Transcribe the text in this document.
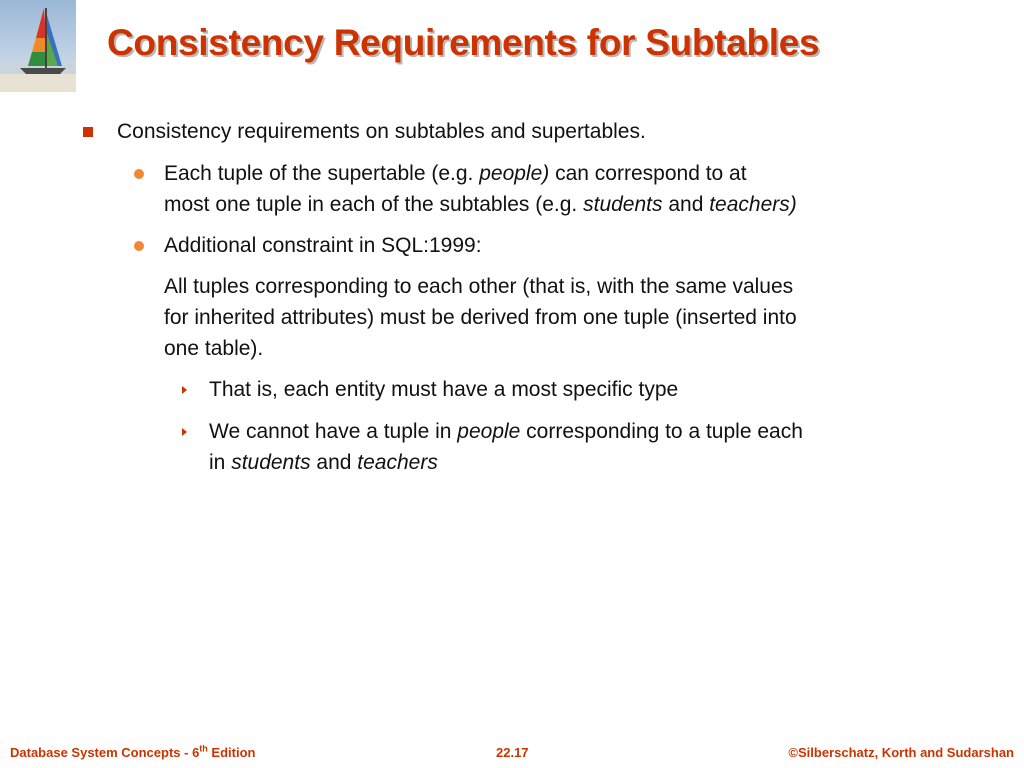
Consistency Requirements for Subtables
Consistency requirements on subtables and supertables.
Each tuple of the supertable (e.g. people) can correspond to at
most one tuple in each of the subtables (e.g. students and teachers)
Additional constraint in SQL:1999:
All tuples corresponding to each other (that is, with the same values
for inherited attributes) must be derived from one tuple (inserted into
one table).
That is, each entity must have a most specific type
We cannot have a tuple in people corresponding to a tuple each
in students and teachers
Database System Concepts - 6th Edition	22.17	©Silberschatz, Korth and Sudarshan
